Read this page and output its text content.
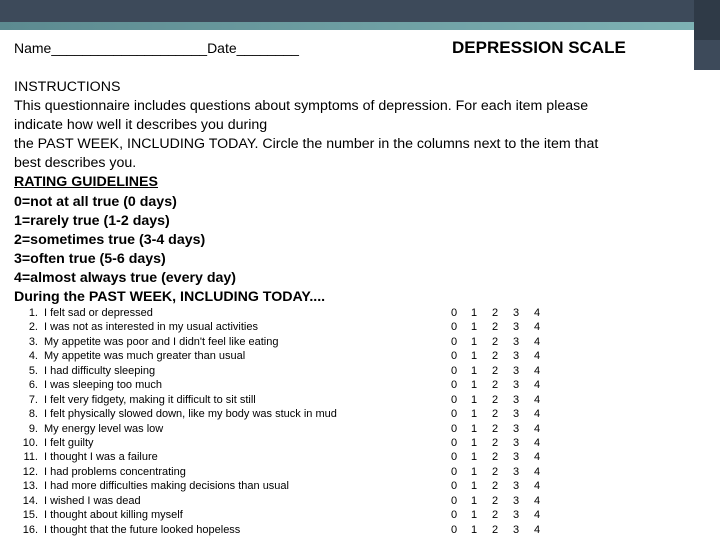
Name____________________Date________	DEPRESSION SCALE
INSTRUCTIONS
This questionnaire includes questions about symptoms of depression. For each item please
indicate how well it describes you during
the PAST WEEK, INCLUDING TODAY. Circle the number in the columns next to the item that
best describes you.
RATING GUIDELINES
0=not at all true (0 days)
1=rarely true (1-2 days)
2=sometimes true (3-4 days)
3=often true (5-6 days)
4=almost always true (every day)
During the PAST WEEK, INCLUDING TODAY....
1. I felt sad or depressed	0 1 2 3 4
2. I was not as interested in my usual activities	0 1 2 3 4
3. My appetite was poor and I didn't feel like eating	0 1 2 3 4
4. My appetite was much greater than usual	0 1 2 3 4
5. I had difficulty sleeping	0 1 2 3 4
6. I was sleeping too much	0 1 2 3 4
7. I felt very fidgety, making it difficult to sit still	0 1 2 3 4
8. I felt physically slowed down, like my body was stuck in mud	0 1 2 3 4
9. My energy level was low	0 1 2 3 4
10. I felt guilty	0 1 2 3 4
11. I thought I was a failure	0 1 2 3 4
12. I had problems concentrating	0 1 2 3 4
13. I had more difficulties making decisions than usual	0 1 2 3 4
14. I wished I was dead	0 1 2 3 4
15. I thought about killing myself	0 1 2 3 4
16. I thought that the future looked hopeless	0 1 2 3 4
